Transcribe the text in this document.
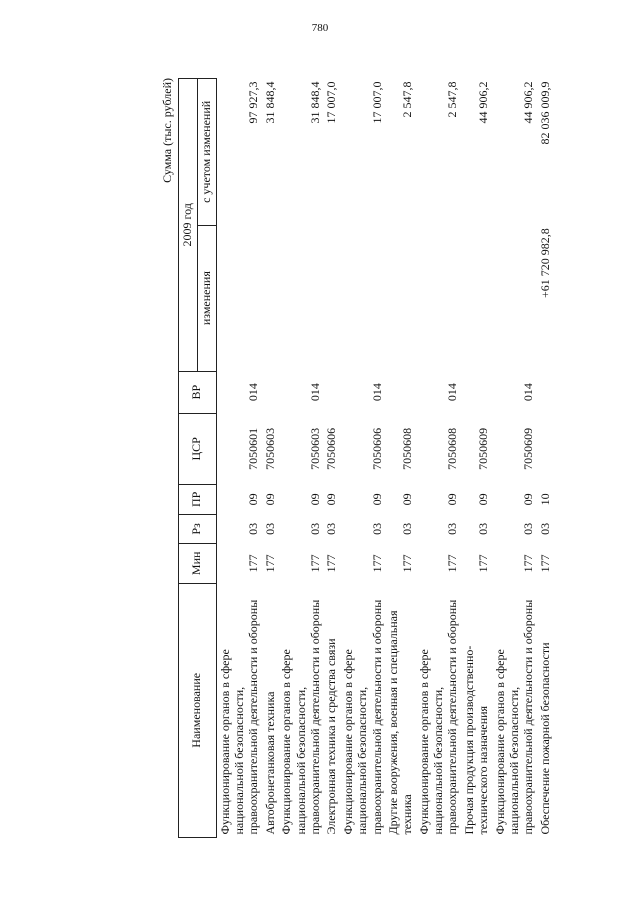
780
Сумма (тыс. рублей)
Наименование	Мин	Рз	ПР	ЦСР	ВР	2009 год	
						изменения	с учетом изменений
Функционирование органов в сфере национальной безопасности, правоохранительной деятельности и обороны	177	03	09	7050601	014		97 927,3
Автобронетанковая техника	177	03	09	7050603			31 848,4
Функционирование органов в сфере национальной безопасности, правоохранительной деятельности и обороны	177	03	09	7050603	014		31 848,4
Электронная техника и средства связи	177	03	09	7050606			17 007,0
Функционирование органов в сфере национальной безопасности, правоохранительной деятельности и обороны	177	03	09	7050606	014		17 007,0
Другие вооружения, военная и специальная техника	177	03	09	7050608			2 547,8
Функционирование органов в сфере национальной безопасности, правоохранительной деятельности и обороны	177	03	09	7050608	014		2 547,8
Прочая продукция производственно-технического назначения	177	03	09	7050609			44 906,2
Функционирование органов в сфере национальной безопасности, правоохранительной деятельности и обороны	177	03	09	7050609	014		44 906,2
Обеспечение пожарной безопасности	177	03	10			+61 720 982,8	82 036 009,9
